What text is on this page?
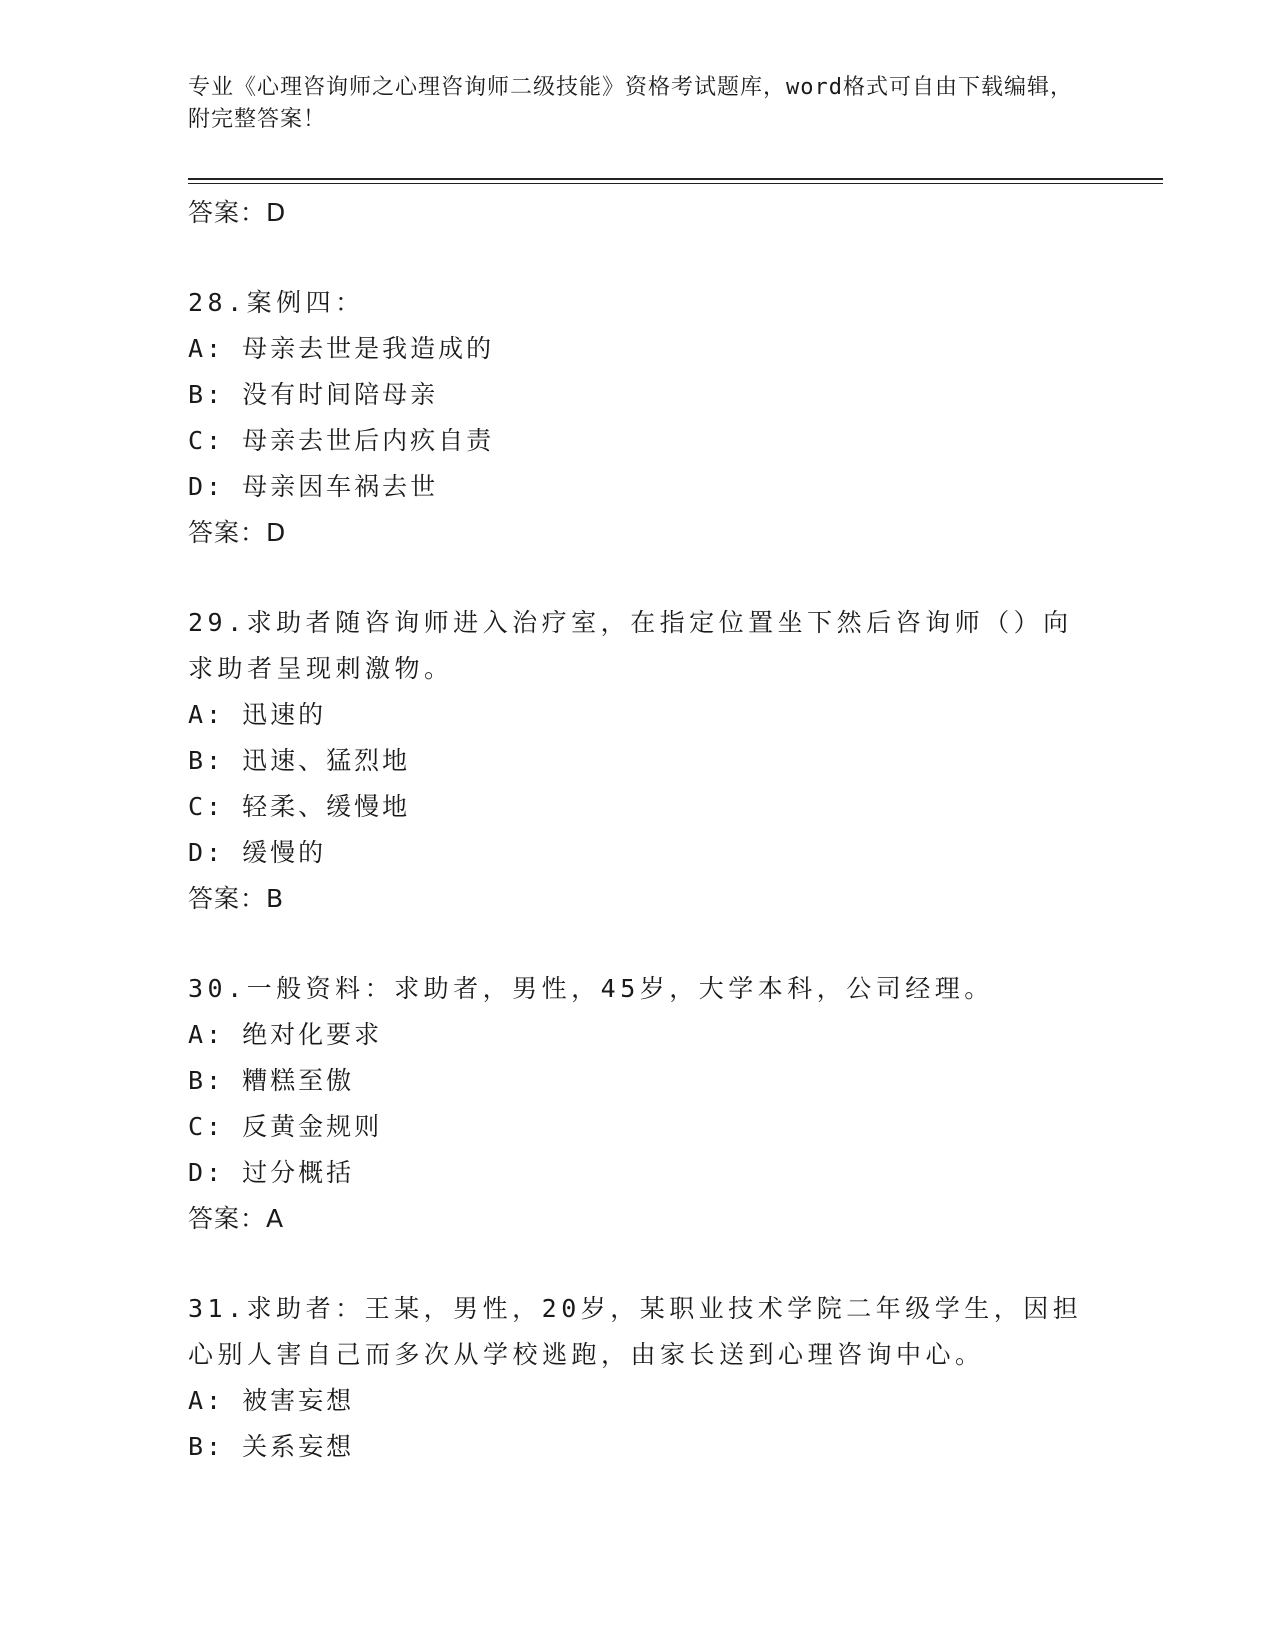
专业《心理咨询师之心理咨询师二级技能》资格考试题库，word格式可自由下载编辑，附完整答案！
答案：D
28.案例四：
A: 母亲去世是我造成的
B: 没有时间陪母亲
C: 母亲去世后内疚自责
D: 母亲因车祸去世
答案：D
29.求助者随咨询师进入治疗室，在指定位置坐下然后咨询师（）向求助者呈现刺激物。
A: 迅速的
B: 迅速、猛烈地
C: 轻柔、缓慢地
D: 缓慢的
答案：B
30.一般资料：求助者，男性，45岁，大学本科，公司经理。
A: 绝对化要求
B: 糟糕至傲
C: 反黄金规则
D: 过分概括
答案：A
31.求助者：王某，男性，20岁，某职业技术学院二年级学生，因担心别人害自己而多次从学校逃跑，由家长送到心理咨询中心。
A: 被害妄想
B: 关系妄想
